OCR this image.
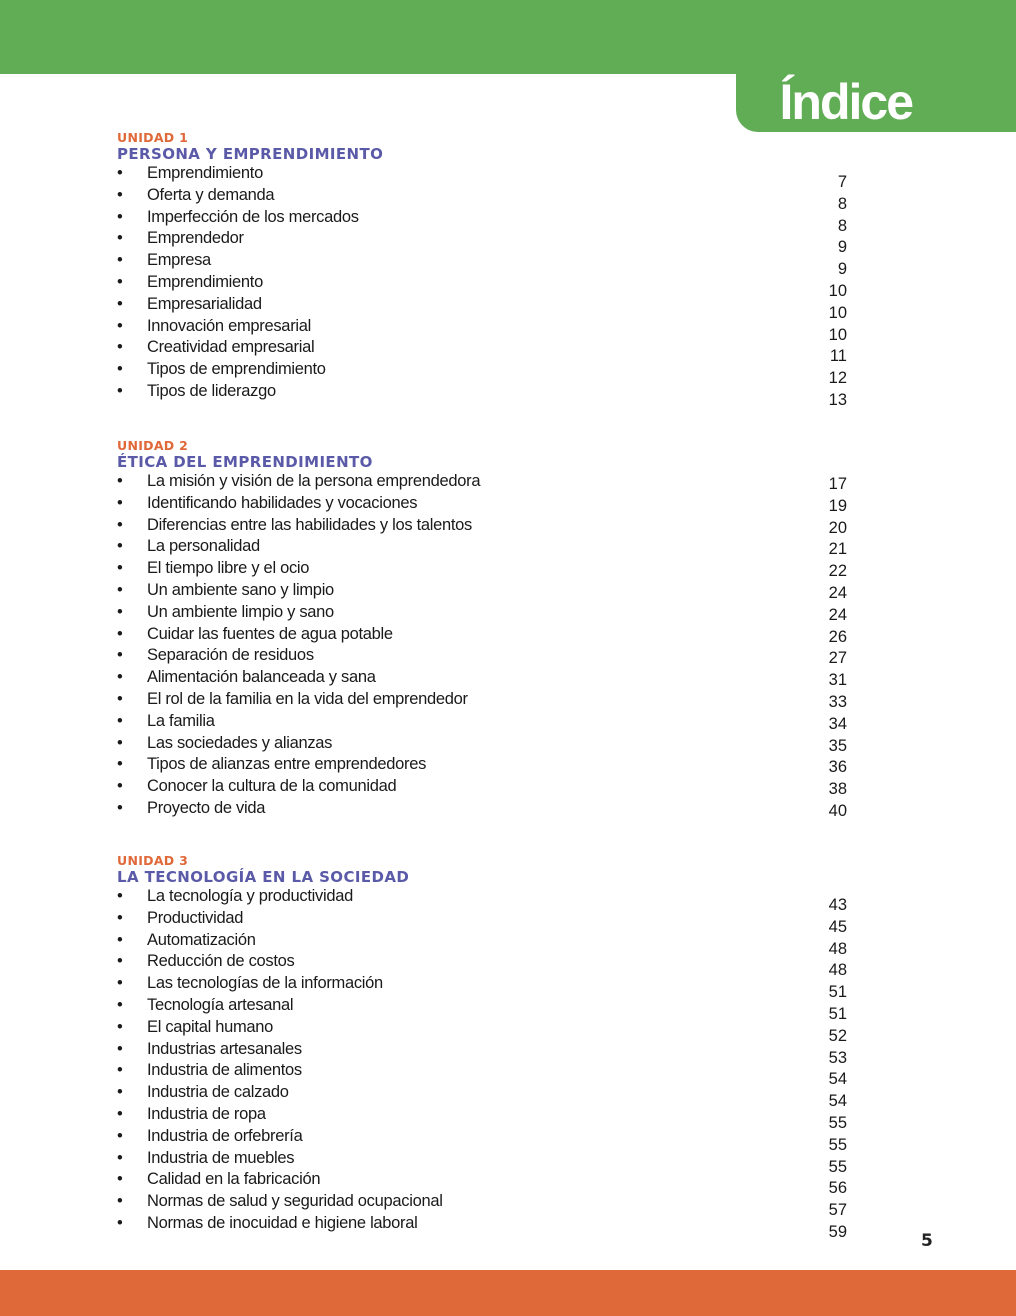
Índice
UNIDAD 1
PERSONA Y EMPRENDIMIENTO
• Emprendimiento
• Oferta y demanda
• Imperfección de los mercados
• Emprendedor
• Empresa
• Emprendimiento
• Empresarialidad
• Innovación empresarial
• Creatividad empresarial
• Tipos de emprendimiento
• Tipos de liderazgo
7
8
8
9
9
10
10
10
11
12
13
UNIDAD 2
ÉTICA DEL EMPRENDIMIENTO
• La misión y visión de la persona emprendedora
• Identificando habilidades y vocaciones
• Diferencias entre las habilidades y los talentos
• La personalidad
• El tiempo libre y el ocio
• Un ambiente sano y limpio
• Un ambiente limpio y sano
• Cuidar las fuentes de agua potable
• Separación de residuos
• Alimentación balanceada y sana
• El rol de la familia en la vida del emprendedor
• La familia
• Las sociedades y alianzas
• Tipos de alianzas entre emprendedores
• Conocer la cultura de la comunidad
• Proyecto de vida
17
19
20
21
22
24
24
26
27
31
33
34
35
36
38
40
UNIDAD 3
LA TECNOLOGÍA EN LA SOCIEDAD
• La tecnología y productividad
• Productividad
• Automatización
• Reducción de costos
• Las tecnologías de la información
• Tecnología artesanal
• El capital humano
• Industrias artesanales
• Industria de alimentos
• Industria de calzado
• Industria de ropa
• Industria de orfebrería
• Industria de muebles
• Calidad en la fabricación
• Normas de salud y seguridad ocupacional
• Normas de inocuidad e higiene laboral
43
45
48
48
51
51
52
53
54
54
55
55
55
56
57
59	5
